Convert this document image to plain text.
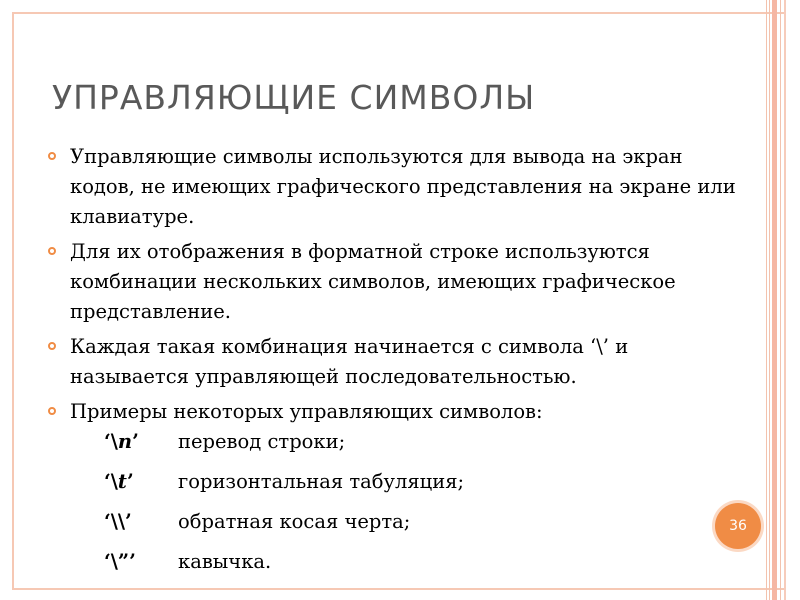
УПРАВЛЯЮЩИЕ СИМВОЛЫ
Управляющие символы используются для вывода на экран кодов, не имеющих графического представления на экране или клавиатуре.
Для их отображения в форматной строке используются комбинации нескольких символов, имеющих графическое представление.
Каждая такая комбинация начинается с символа ‘\’ и называется управляющей последовательностью.
Примеры некоторых управляющих символов:
‘\n’ перевод строки;
‘\t’ горизонтальная табуляция;
‘\\’ обратная косая черта;
‘\”’ кавычка.
36
